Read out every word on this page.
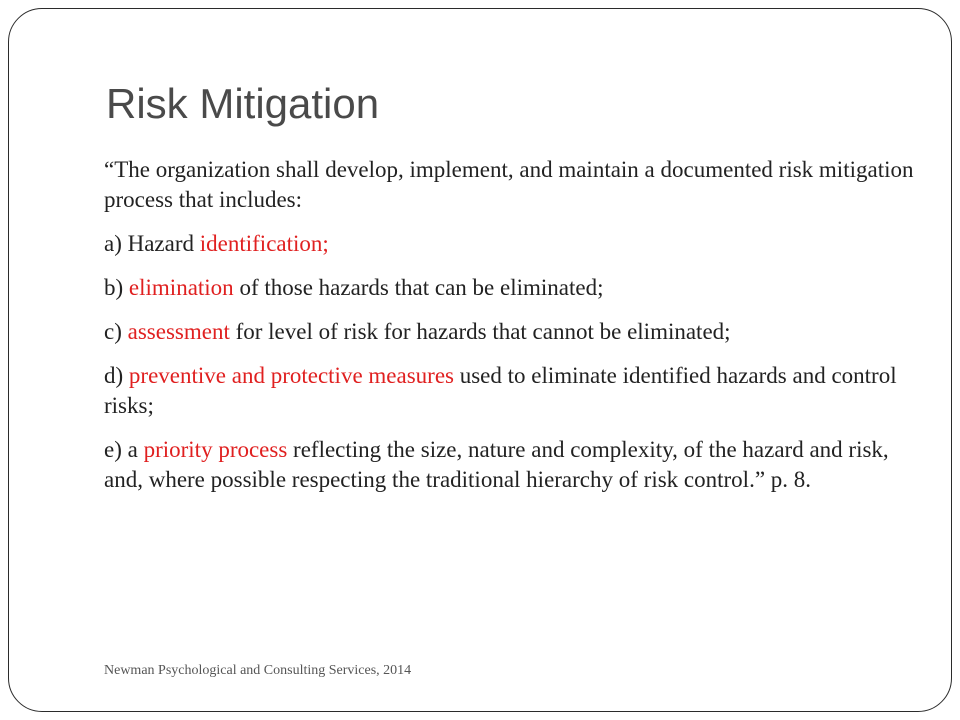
Risk Mitigation

“The organization shall develop, implement, and maintain a documented risk mitigation process that includes:

a) Hazard identification;

b) elimination of those hazards that can be eliminated;

c) assessment for level of risk for hazards that cannot be eliminated;

d) preventive and protective measures used to eliminate identified hazards and control risks;

e) a priority process reflecting the size, nature and complexity, of the hazard and risk, and, where possible respecting the traditional hierarchy of risk control.” p. 8.

Newman Psychological and Consulting Services, 2014
